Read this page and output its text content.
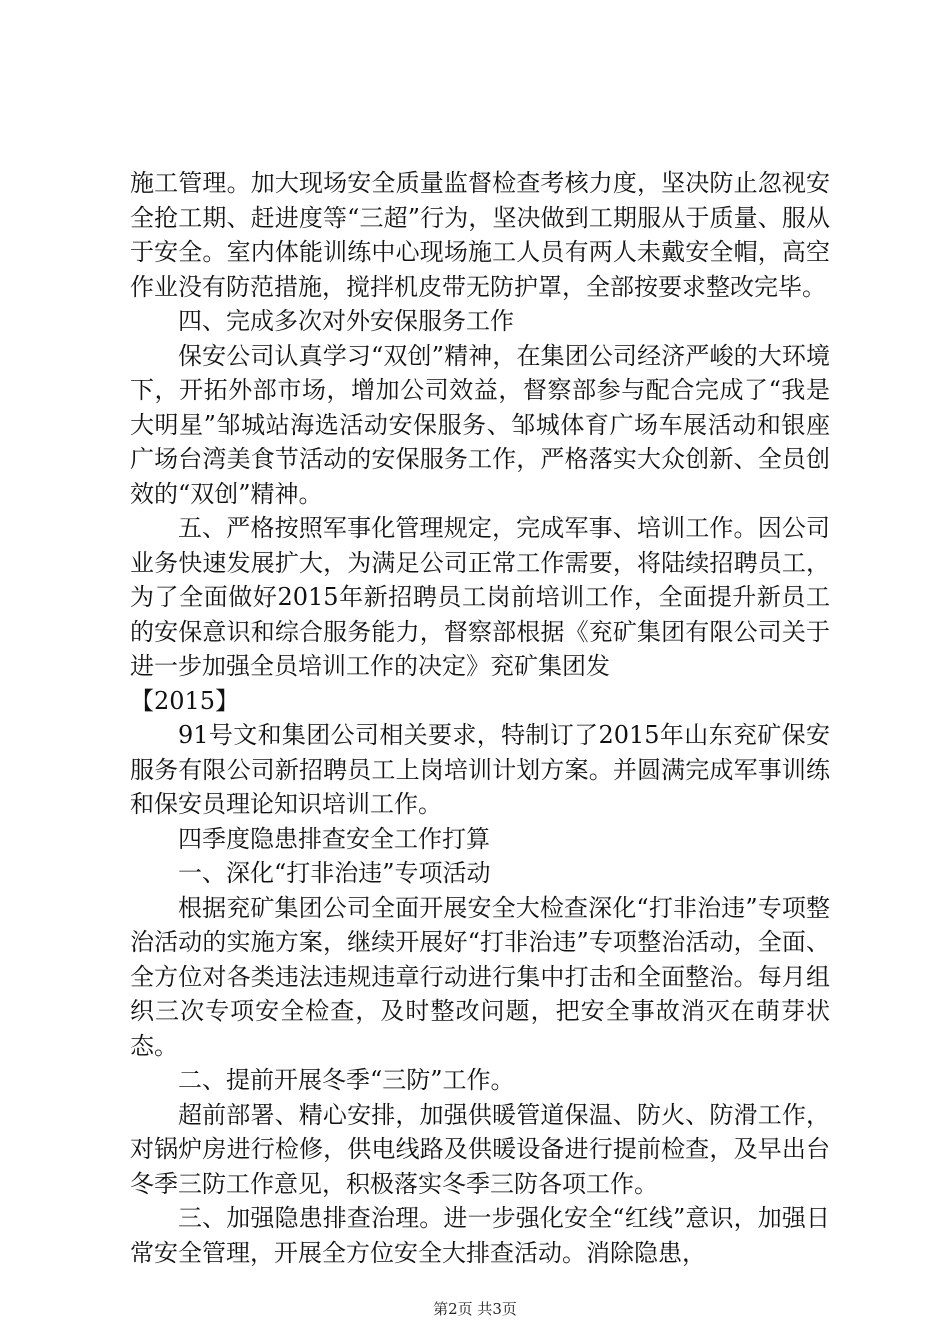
施工管理。加大现场安全质量监督检查考核力度，坚决防止忽视安全抢工期、赶进度等“三超”行为，坚决做到工期服从于质量、服从于安全。室内体能训练中心现场施工人员有两人未戴安全帽，高空作业没有防范措施，搅拌机皮带无防护罩，全部按要求整改完毕。

四、完成多次对外安保服务工作

保安公司认真学习“双创”精神，在集团公司经济严峻的大环境下，开拓外部市场，增加公司效益，督察部参与配合完成了“我是大明星”邹城站海选活动安保服务、邹城体育广场车展活动和银座广场台湾美食节活动的安保服务工作，严格落实大众创新、全员创效的“双创”精神。

五、严格按照军事化管理规定，完成军事、培训工作。因公司业务快速发展扩大，为满足公司正常工作需要，将陆续招聘员工，为了全面做好2015年新招聘员工岗前培训工作，全面提升新员工的安保意识和综合服务能力，督察部根据《兖矿集团有限公司关于进一步加强全员培训工作的决定》兖矿集团发

【2015】

91号文和集团公司相关要求，特制订了2015年山东兖矿保安服务有限公司新招聘员工上岗培训计划方案。并圆满完成军事训练和保安员理论知识培训工作。

四季度隐患排查安全工作打算

一、深化“打非治违”专项活动

根据兖矿集团公司全面开展安全大检查深化“打非治违”专项整治活动的实施方案，继续开展好“打非治违”专项整治活动，全面、全方位对各类违法违规违章行动进行集中打击和全面整治。每月组织三次专项安全检查，及时整改问题，把安全事故消灭在萌芽状态。

二、提前开展冬季“三防”工作。

超前部署、精心安排，加强供暖管道保温、防火、防滑工作，对锅炉房进行检修，供电线路及供暖设备进行提前检查，及早出台冬季三防工作意见，积极落实冬季三防各项工作。

三、加强隐患排查治理。进一步强化安全“红线”意识，加强日常安全管理，开展全方位安全大排查活动。消除隐患，

第2页 共3页
